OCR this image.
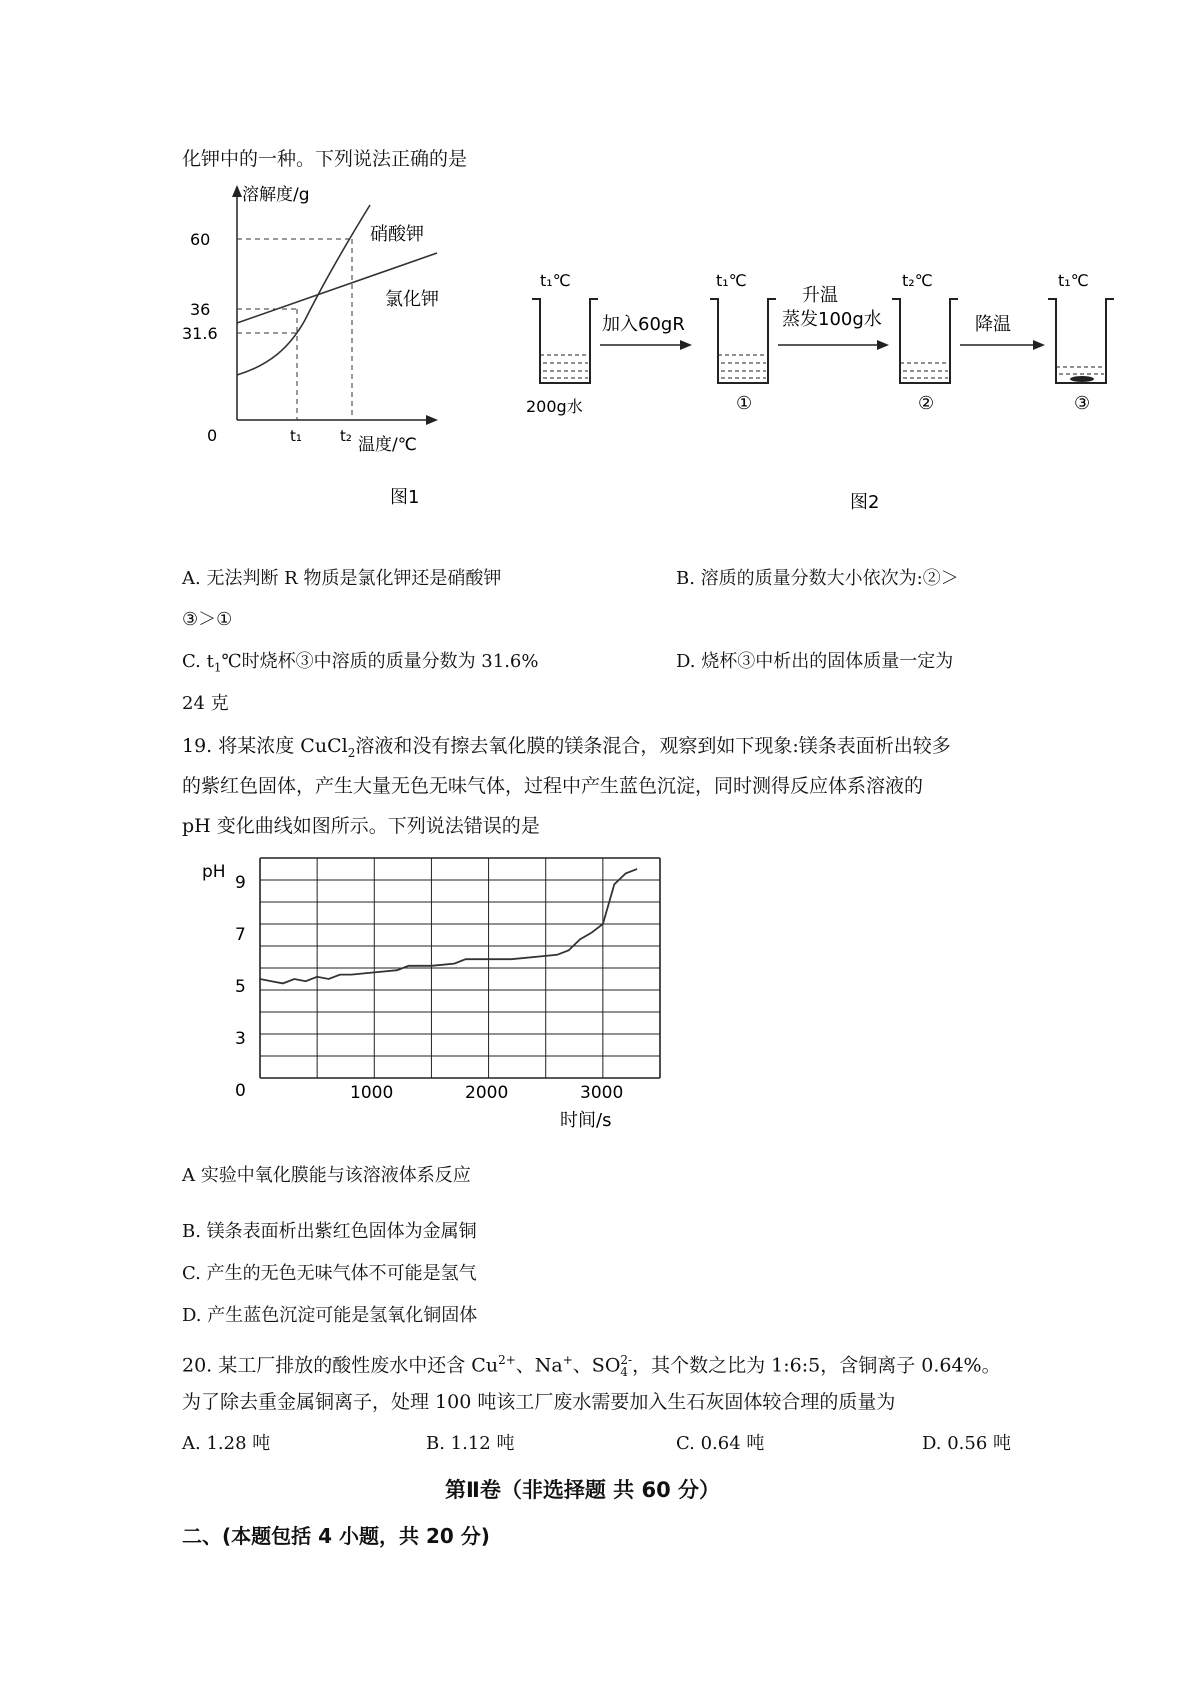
化钾中的一种。下列说法正确的是
溶解度/g
60
36
31.6
0	t₁	t₂ 温度/℃
硝酸钾
氯化钾
图1
t₁℃
200g水
加入60gR
t₁℃
①
升温
蒸发100g水
t₂℃
②
降温
t₁℃
③
图2
A. 无法判断 R 物质是氯化钾还是硝酸钾	B. 溶质的质量分数大小依次为:②＞
③＞①
C. $t_1℃$时烧杯③中溶质的质量分数为 31.6%	D. 烧杯③中析出的固体质量一定为
24 克
19. 将某浓度 CuCl$_2$溶液和没有擦去氧化膜的镁条混合，观察到如下现象:镁条表面析出较多
的紫红色固体，产生大量无色无味气体，过程中产生蓝色沉淀，同时测得反应体系溶液的
pH 变化曲线如图所示。下列说法错误的是
pH
9
7
5
3
0	1000	2000	3000
时间/s
A 实验中氧化膜能与该溶液体系反应
B. 镁条表面析出紫红色固体为金属铜
C. 产生的无色无味气体不可能是氢气
D. 产生蓝色沉淀可能是氢氧化铜固体
20. 某工厂排放的酸性废水中还含 $Cu^{2+}$、Na+、SO 2-
4 ，其个数之比为 1:6:5，含铜离子 0.64%。
为了除去重金属铜离子，处理 100 吨该工厂废水需要加入生石灰固体较合理的质量为
A. 1.28 吨	B. 1.12 吨	C. 0.64 吨	D. 0.56 吨
第Ⅱ卷（非选择题 共 60 分）
二、(本题包括 4 小题，共 20 分)
